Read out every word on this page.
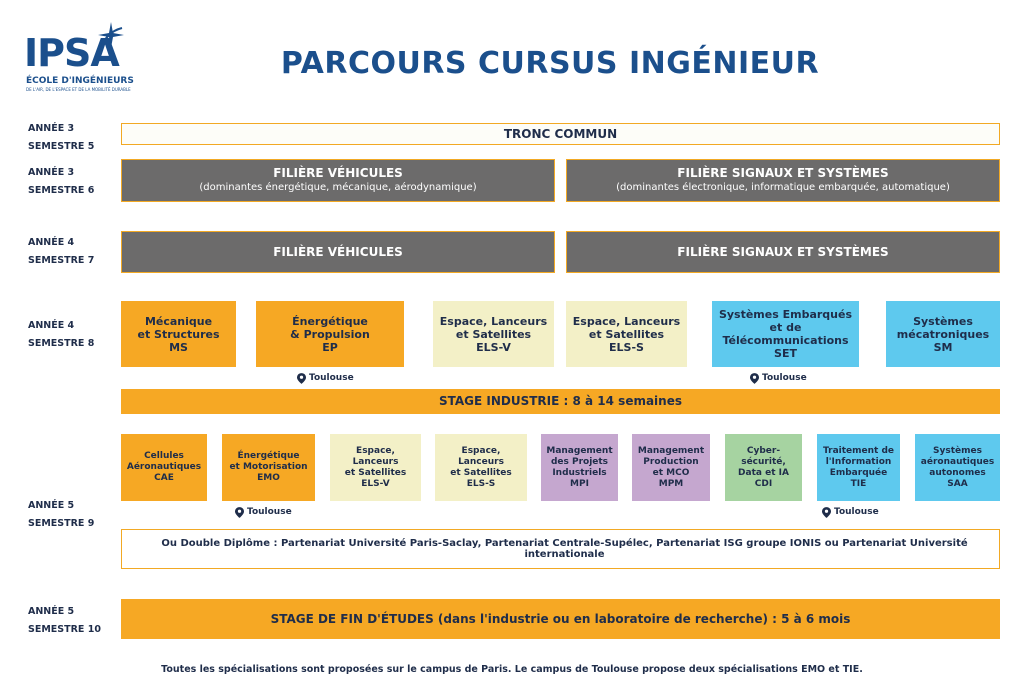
IPSA
ÉCOLE D'INGÉNIEURS
DE L'AIR, DE L'ESPACE ET DE LA MOBILITÉ DURABLE
PARCOURS CURSUS INGÉNIEUR
ANNÉE 3
SEMESTRE 5
TRONC COMMUN
ANNÉE 3
SEMESTRE 6
FILIÈRE VÉHICULES
(dominantes énergétique, mécanique, aérodynamique)
FILIÈRE SIGNAUX ET SYSTÈMES
(dominantes électronique, informatique embarquée, automatique)
ANNÉE 4
SEMESTRE 7
FILIÈRE VÉHICULES	FILIÈRE SIGNAUX ET SYSTÈMES
ANNÉE 4
SEMESTRE 8
Mécanique
et Structures
MS
Énergétique
& Propulsion
EP
Espace, Lanceurs
et Satellites
ELS-V
Espace, Lanceurs
et Satellites
ELS-S
Systèmes Embarqués
et de
Télécommunications
SET
Systèmes
mécatroniques
SM
Toulouse	Toulouse
STAGE INDUSTRIE : 8 à 14 semaines
ANNÉE 5
SEMESTRE 9
Cellules
Aéronautiques
CAE
Énergétique
et Motorisation
EMO
Espace,
Lanceurs
et Satellites
ELS-V
Espace,
Lanceurs
et Satellites
ELS-S
Management
des Projets
Industriels
MPI
Management
Production
et MCO
MPM
Cyber-
sécurité,
Data et IA
CDI
Traitement de
l'Information
Embarquée
TIE
Systèmes
aéronautiques
autonomes
SAA
Toulouse	Toulouse
Ou Double Diplôme : Partenariat Université Paris-Saclay, Partenariat Centrale-Supélec, Partenariat ISG groupe IONIS ou Partenariat Université internationale
ANNÉE 5
SEMESTRE 10
STAGE DE FIN D'ÉTUDES (dans l'industrie ou en laboratoire de recherche) : 5 à 6 mois
Toutes les spécialisations sont proposées sur le campus de Paris. Le campus de Toulouse propose deux spécialisations EMO et TIE.
